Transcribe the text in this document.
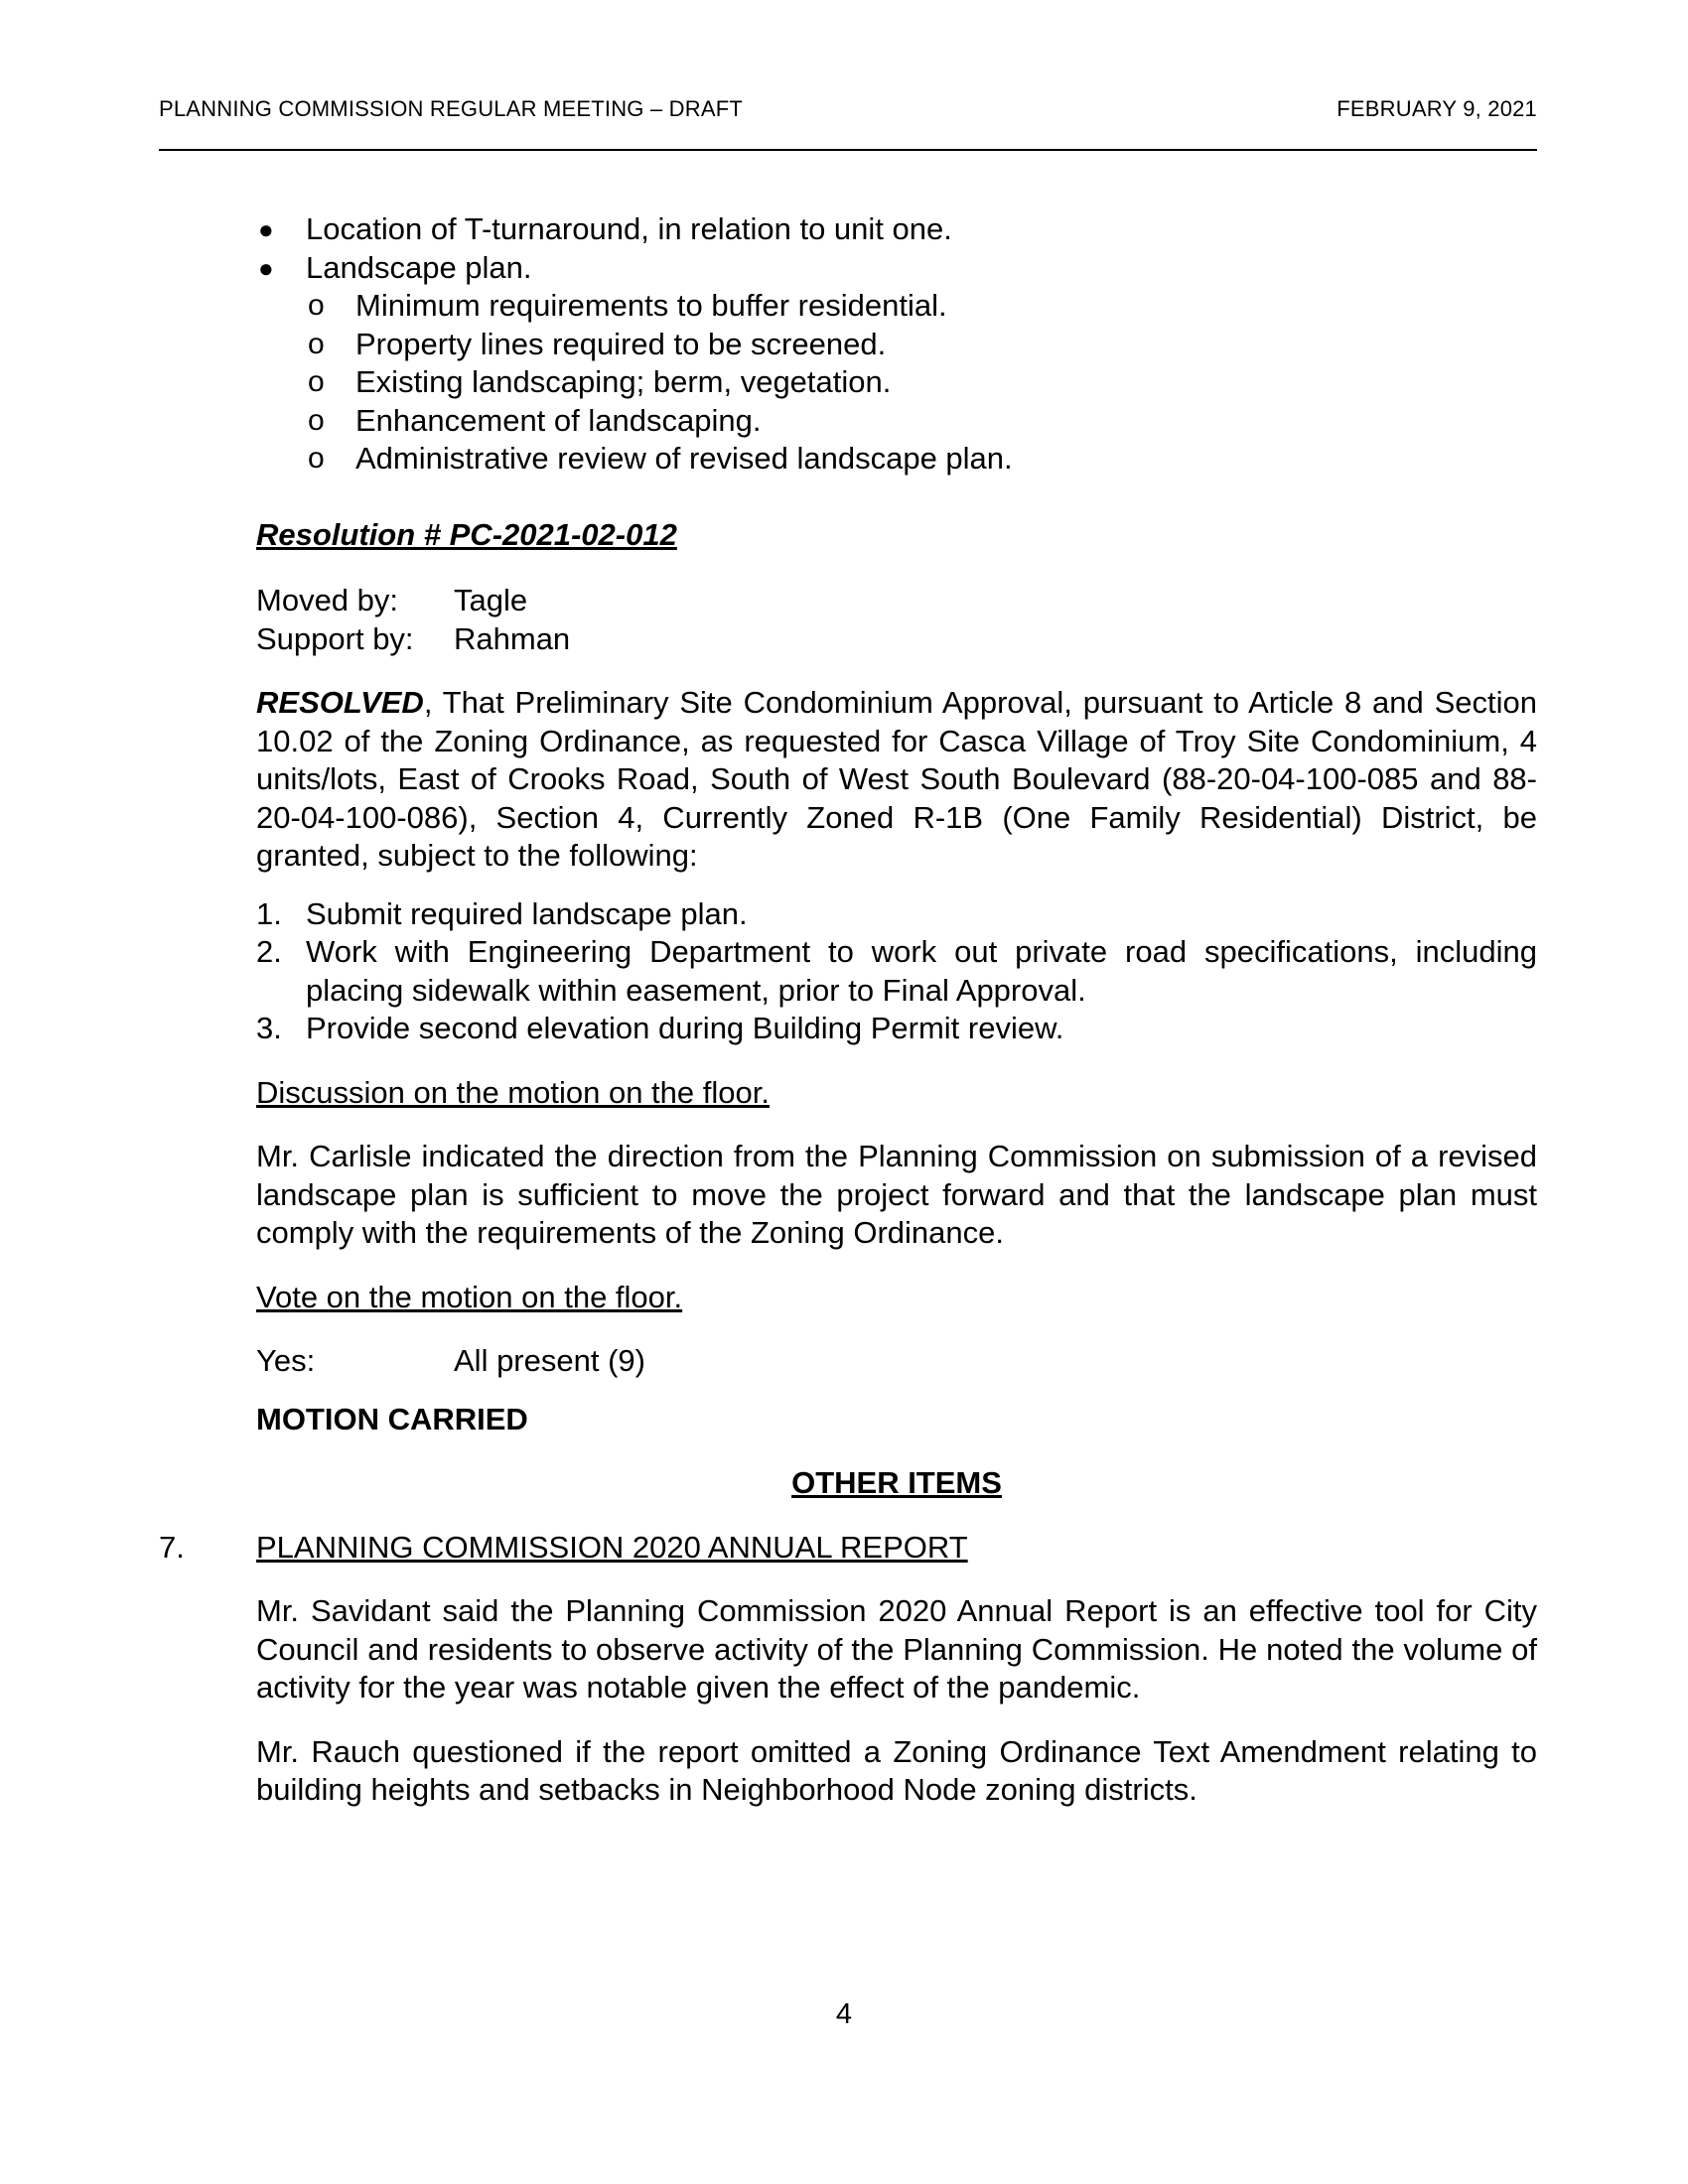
PLANNING COMMISSION REGULAR MEETING – DRAFT	FEBRUARY 9, 2021
● Location of T-turnaround, in relation to unit one.
● Landscape plan.
o Minimum requirements to buffer residential.
o Property lines required to be screened.
o Existing landscaping; berm, vegetation.
o Enhancement of landscaping.
o Administrative review of revised landscape plan.

Resolution # PC-2021-02-012

Moved by:	Tagle
Support by:	Rahman

RESOLVED, That Preliminary Site Condominium Approval, pursuant to Article 8 and Section 10.02 of the Zoning Ordinance, as requested for Casca Village of Troy Site Condominium, 4 units/lots, East of Crooks Road, South of West South Boulevard (88-20-04-100-085 and 88-20-04-100-086), Section 4, Currently Zoned R-1B (One Family Residential) District, be granted, subject to the following:

1. Submit required landscape plan.
2. Work with Engineering Department to work out private road specifications, including placing sidewalk within easement, prior to Final Approval.
3. Provide second elevation during Building Permit review.

Discussion on the motion on the floor.

Mr. Carlisle indicated the direction from the Planning Commission on submission of a revised landscape plan is sufficient to move the project forward and that the landscape plan must comply with the requirements of the Zoning Ordinance.

Vote on the motion on the floor.

Yes:	All present (9)

MOTION CARRIED

OTHER ITEMS

7. PLANNING COMMISSION 2020 ANNUAL REPORT

Mr. Savidant said the Planning Commission 2020 Annual Report is an effective tool for City Council and residents to observe activity of the Planning Commission. He noted the volume of activity for the year was notable given the effect of the pandemic.

Mr. Rauch questioned if the report omitted a Zoning Ordinance Text Amendment relating to building heights and setbacks in Neighborhood Node zoning districts.

4
